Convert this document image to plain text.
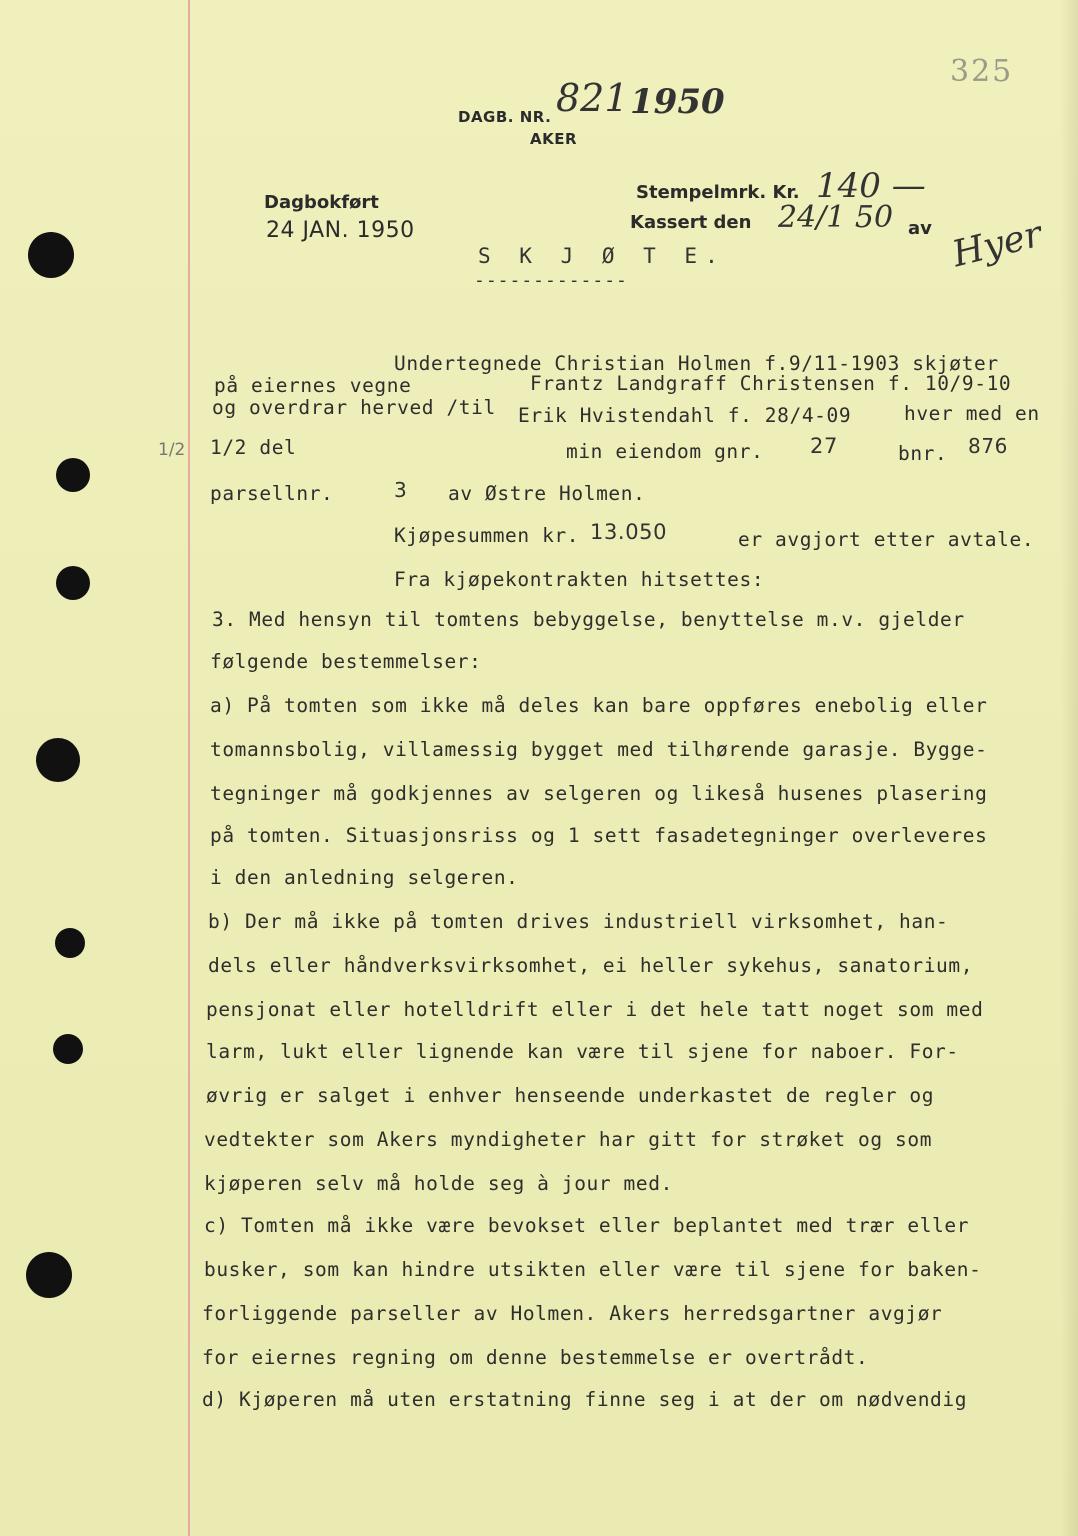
DAGB. NR. 821 1950
AKER
325
Dagbokført
24 JAN. 1950
Stempelmrk. Kr. 140 —
Kassert den 24/1 50 av Hyer
S K J Ø T E.
-------------
1/2
Undertegnede Christian Holmen f.9/11-1903 skjøter
på eiernes vegne	Frantz Landgraff Christensen f. 10/9-10
og overdrar herved /til Erik Hvistendahl f. 28/4-09	hver med en
1/2 del	min eiendom gnr. 27	bnr. 876
parsellnr.	3 av Østre Holmen.
Kjøpesummen kr. 13.050	er avgjort etter avtale.
Fra kjøpekontrakten hitsettes:
3. Med hensyn til tomtens bebyggelse, benyttelse m.v. gjelder
følgende bestemmelser:
a) På tomten som ikke må deles kan bare oppføres enebolig eller
tomannsbolig, villamessig bygget med tilhørende garasje. Bygge-
tegninger må godkjennes av selgeren og likeså husenes plasering
på tomten. Situasjonsriss og 1 sett fasadetegninger overleveres
i den anledning selgeren.
b) Der må ikke på tomten drives industriell virksomhet, han-
dels eller håndverksvirksomhet, ei heller sykehus, sanatorium,
pensjonat eller hotelldrift eller i det hele tatt noget som med
larm, lukt eller lignende kan være til sjene for naboer. For-
øvrig er salget i enhver henseende underkastet de regler og
vedtekter som Akers myndigheter har gitt for strøket og som
kjøperen selv må holde seg à jour med.
c) Tomten må ikke være bevokset eller beplantet med trær eller
busker, som kan hindre utsikten eller være til sjene for baken-
forliggende parseller av Holmen. Akers herredsgartner avgjør
for eiernes regning om denne bestemmelse er overtrådt.
d) Kjøperen må uten erstatning finne seg i at der om nødvendig
